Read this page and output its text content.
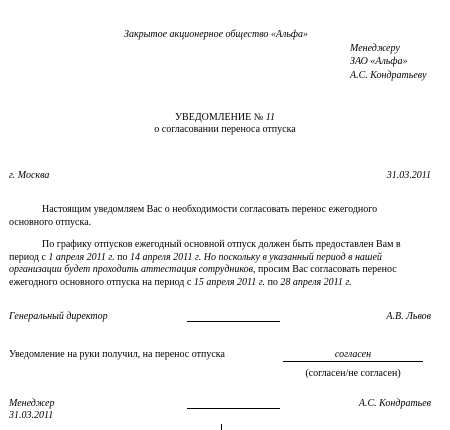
Закрытое акционерное общество «Альфа»
Менеджеру
ЗАО «Альфа»
А.С. Кондратьеву
УВЕДОМЛЕНИЕ № 11
о согласовании переноса отпуска
г. Москва	31.03.2011
Настоящим уведомляем Вас о необходимости согласовать перенос ежегодного
основного отпуска.
По графику отпусков ежегодный основной отпуск должен быть предоставлен Вам в
период с 1 апреля 2011 г. по 14 апреля 2011 г. Но поскольку в указанный период в нашей
организации будет проходить аттестация сотрудников, просим Вас согласовать перенос
ежегодного основного отпуска на период с 15 апреля 2011 г. по 28 апреля 2011 г.
Генеральный директор	А.В. Львов
Уведомление на руки получил, на перенос отпуска	согласен
(согласен/не согласен)
Менеджер
31.03.2011
А.С. Кондратьев
